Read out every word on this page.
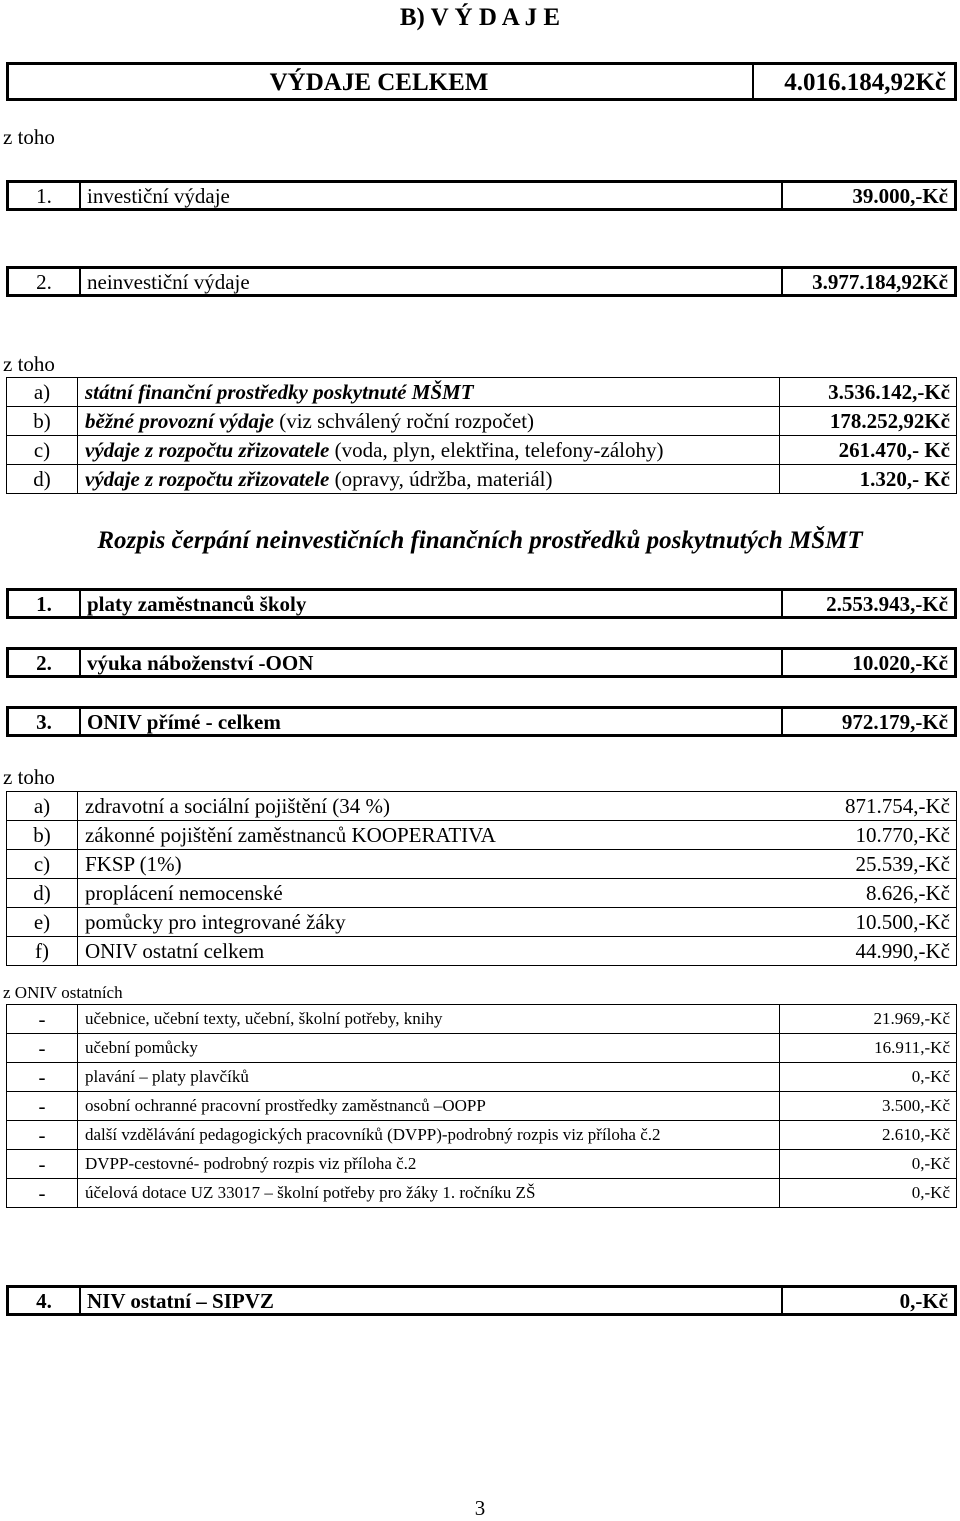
B) V Ý D A J E
VÝDAJE CELKEM	4.016.184,92Kč
z toho
1.	investiční výdaje	39.000,-Kč
2.	neinvestiční výdaje	3.977.184,92Kč
z toho
a)	státní finanční prostředky poskytnuté MŠMT	3.536.142,-Kč
b)	běžné provozní výdaje (viz schválený roční rozpočet)	178.252,92Kč
c)	výdaje z rozpočtu zřizovatele (voda, plyn, elektřina, telefony-zálohy)	261.470,- Kč
d)	výdaje z rozpočtu zřizovatele (opravy, údržba, materiál)	1.320,- Kč
Rozpis čerpání neinvestičních finančních prostředků poskytnutých MŠMT
1.	platy zaměstnanců školy	2.553.943,-Kč
2.	výuka náboženství -OON	10.020,-Kč
3.	ONIV přímé - celkem	972.179,-Kč
z toho
a)	zdravotní a sociální pojištění (34 %)	871.754,-Kč
b)	zákonné pojištění zaměstnanců KOOPERATIVA	10.770,-Kč
c)	FKSP (1%)	25.539,-Kč
d)	proplácení nemocenské	8.626,-Kč
e)	pomůcky pro integrované žáky	10.500,-Kč
f)	ONIV ostatní celkem	44.990,-Kč
z ONIV ostatních
-	učebnice, učební texty, učební, školní potřeby, knihy	21.969,-Kč
-	učební pomůcky	16.911,-Kč
-	plavání – platy plavčíků	0,-Kč
-	osobní ochranné pracovní prostředky zaměstnanců –OOPP	3.500,-Kč
-	další vzdělávání pedagogických pracovníků (DVPP)-podrobný rozpis viz příloha č.2	2.610,-Kč
-	DVPP-cestovné- podrobný rozpis viz příloha č.2	0,-Kč
-	účelová dotace UZ 33017 – školní potřeby pro žáky 1. ročníku ZŠ	0,-Kč
4.	NIV ostatní – SIPVZ	0,-Kč
3
